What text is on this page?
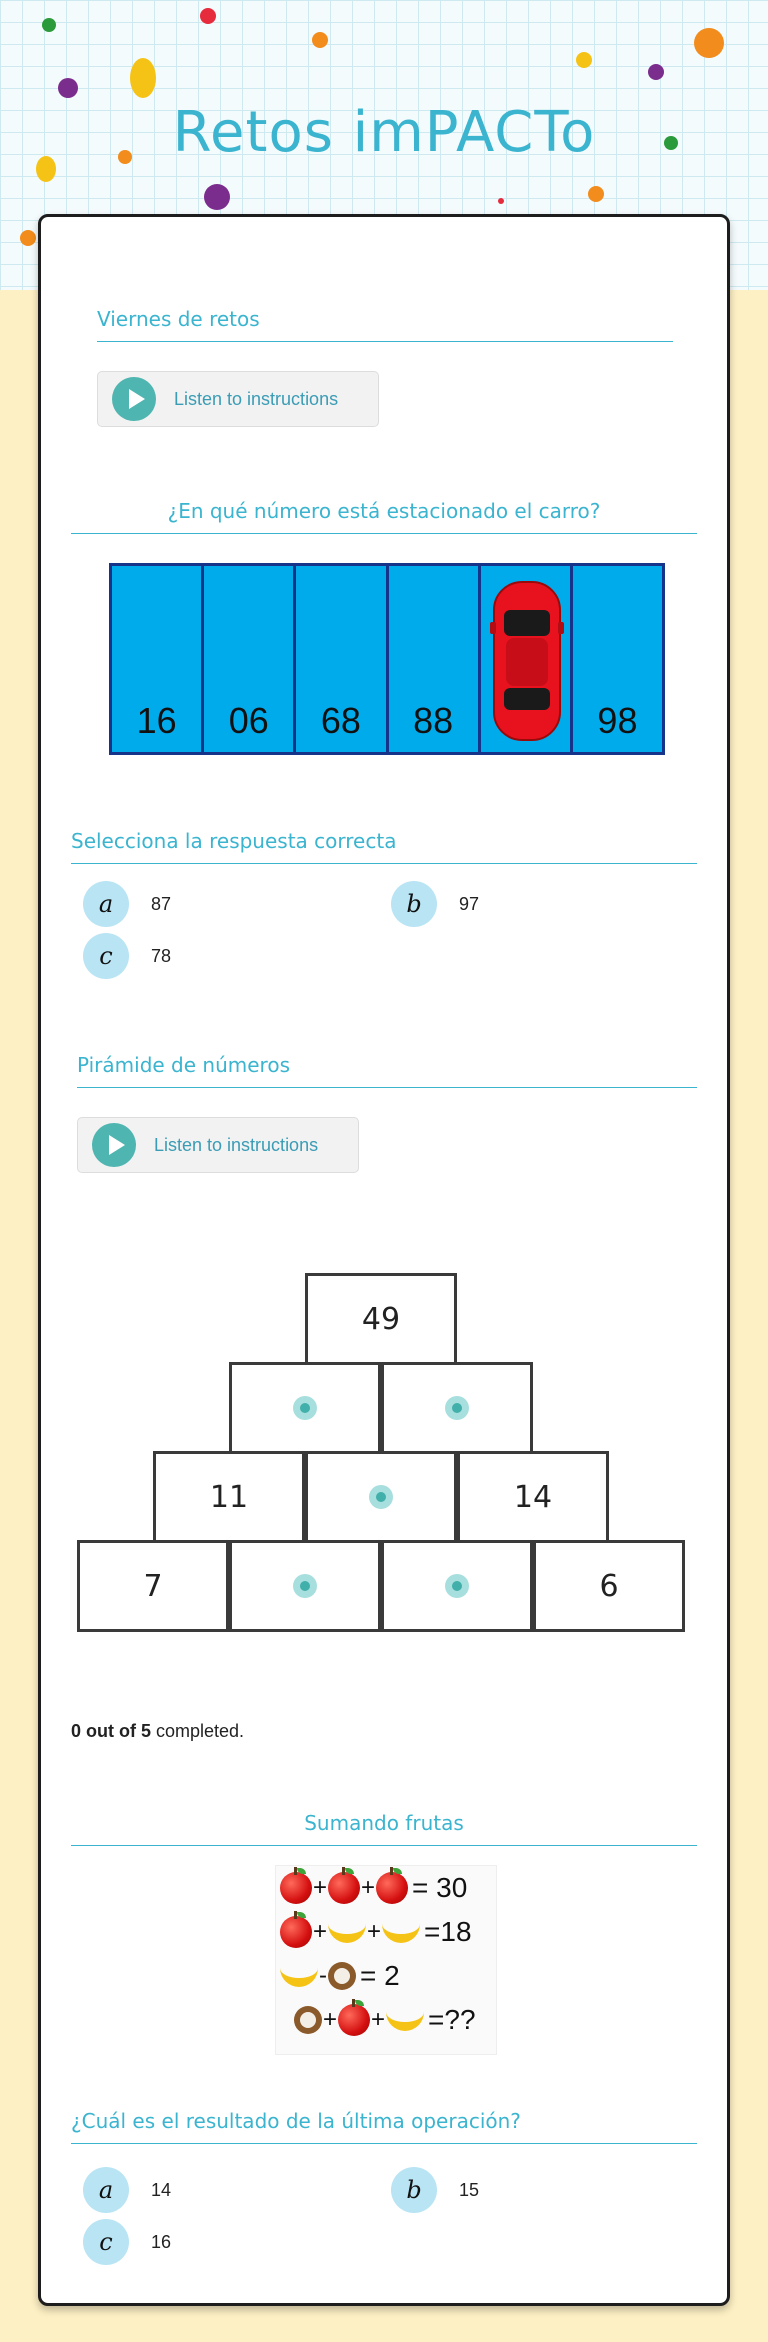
Retos imPACTo
Viernes de retos
Listen to instructions
¿En qué número está estacionado el carro?
16	06	68	88	98
Selecciona la respuesta correcta
a	87	b	97
c	78
Pirámide de números
Listen to instructions
49
11	14
7	6
0 out of 5 completed.
Sumando frutas
+ + = 30
+ + =18
- = 2
+ + =??
¿Cuál es el resultado de la última operación?
a	14	b	15
c	16
